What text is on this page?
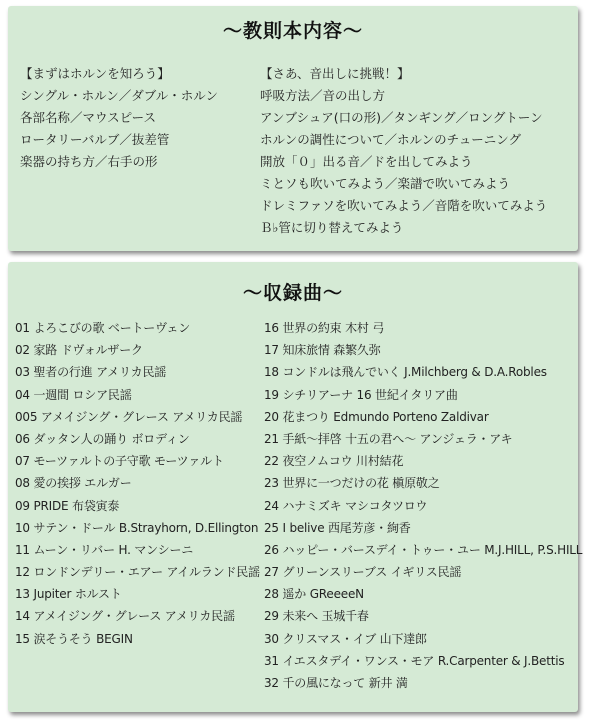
〜教則本内容〜
【まずはホルンを知ろう】
シングル・ホルン／ダブル・ホルン
各部名称／マウスピース
ロータリーバルブ／抜差管
楽器の持ち方／右手の形
【さあ、音出しに挑戦！】
呼吸方法／音の出し方
アンブシュア(口の形)／タンギング／ロングトーン
ホルンの調性について／ホルンのチューニング
開放「０」出る音／ドを出してみよう
ミとソも吹いてみよう／楽譜で吹いてみよう
ドレミファソを吹いてみよう／音階を吹いてみよう
Ｂ♭管に切り替えてみよう
〜収録曲〜
01 よろこびの歌 ベートーヴェン
02 家路 ドヴォルザーク
03 聖者の行進 アメリカ民謡
04 一週間 ロシア民謡
005 アメイジング・グレース アメリカ民謡
06 ダッタン人の踊り ボロディン
07 モーツァルトの子守歌 モーツァルト
08 愛の挨拶 エルガー
09 PRIDE 布袋寅泰
10 サテン・ドール B.Strayhorn, D.Ellington
11 ムーン・リバー H. マンシーニ
12 ロンドンデリー・エアー アイルランド民謡
13 Jupiter ホルスト
14 アメイジング・グレース アメリカ民謡
15 涙そうそう BEGIN
16 世界の約束 木村 弓
17 知床旅情 森繁久弥
18 コンドルは飛んでいく J.Milchberg & D.A.Robles
19 シチリアーナ 16 世紀イタリア曲
20 花まつり Edmundo Porteno Zaldivar
21 手紙〜拝啓 十五の君へ〜 アンジェラ・アキ
22 夜空ノムコウ 川村結花
23 世界に一つだけの花 槇原敬之
24 ハナミズキ マシコタツロウ
25 I belive 西尾芳彦・絢香
26 ハッピー・バースデイ・トゥー・ユー M.J.HILL, P.S.HILL
27 グリーンスリーブス イギリス民謡
28 遥か GReeeeN
29 未来へ 玉城千春
30 クリスマス・イブ 山下達郎
31 イエスタデイ・ワンス・モア R.Carpenter & J.Bettis
32 千の風になって 新井 満
